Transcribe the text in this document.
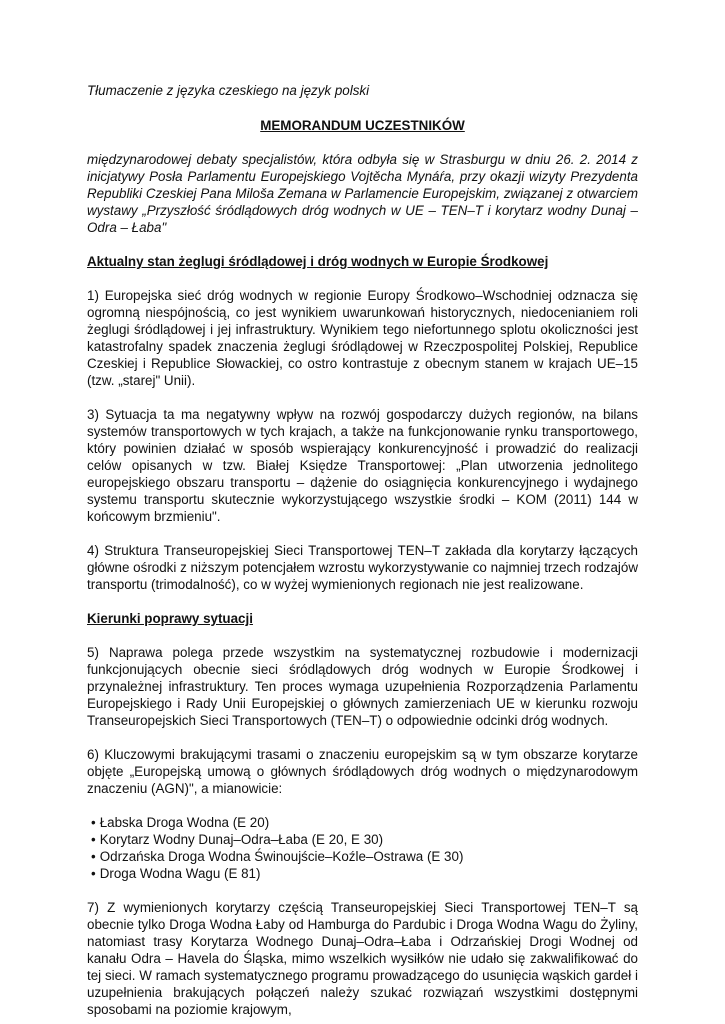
Tłumaczenie z języka czeskiego na język polski

MEMORANDUM UCZESTNIKÓW

międzynarodowej debaty specjalistów, która odbyła się w Strasburgu w dniu 26. 2. 2014 z inicjatywy Posła Parlamentu Europejskiego Vojtěcha Mynáŕa, przy okazji wizyty Prezydenta Republiki Czeskiej Pana Miloša Zemana w Parlamencie Europejskim, związanej z otwarciem wystawy „Przyszłość śródlądowych dróg wodnych w UE – TEN–T i korytarz wodny Dunaj – Odra – Łaba"

Aktualny stan żeglugi śródlądowej i dróg wodnych w Europie Środkowej

1) Europejska sieć dróg wodnych w regionie Europy Środkowo–Wschodniej odznacza się ogromną niespójnością, co jest wynikiem uwarunkowań historycznych, niedocenianiem roli żeglugi śródlądowej i jej infrastruktury. Wynikiem tego niefortunnego splotu okoliczności jest katastrofalny spadek znaczenia żeglugi śródlądowej w Rzeczpospolitej Polskiej, Republice Czeskiej i Republice Słowackiej, co ostro kontrastuje z obecnym stanem w krajach UE–15 (tzw. „starej" Unii).

3) Sytuacja ta ma negatywny wpływ na rozwój gospodarczy dużych regionów, na bilans systemów transportowych w tych krajach, a także na funkcjonowanie rynku transportowego, który powinien działać w sposób wspierający konkurencyjność i prowadzić do realizacji celów opisanych w tzw. Białej Księdze Transportowej: „Plan utworzenia jednolitego europejskiego obszaru transportu – dążenie do osiągnięcia konkurencyjnego i wydajnego systemu transportu skutecznie wykorzystującego wszystkie środki – KOM (2011) 144 w końcowym brzmieniu".

4) Struktura Transeuropejskiej Sieci Transportowej TEN–T zakłada dla korytarzy łączących główne ośrodki z niższym potencjałem wzrostu wykorzystywanie co najmniej trzech rodzajów transportu (trimodalność), co w wyżej wymienionych regionach nie jest realizowane.

Kierunki poprawy sytuacji

5) Naprawa polega przede wszystkim na systematycznej rozbudowie i modernizacji funkcjonujących obecnie sieci śródlądowych dróg wodnych w Europie Środkowej i przynależnej infrastruktury. Ten proces wymaga uzupełnienia Rozporządzenia Parlamentu Europejskiego i Rady Unii Europejskiej o głównych zamierzeniach UE w kierunku rozwoju Transeuropejskich Sieci Transportowych (TEN–T) o odpowiednie odcinki dróg wodnych.

6) Kluczowymi brakującymi trasami o znaczeniu europejskim są w tym obszarze korytarze objęte „Europejską umową o głównych śródlądowych dróg wodnych o międzynarodowym znaczeniu (AGN)", a mianowicie:

• Łabska Droga Wodna (E 20)
• Korytarz Wodny Dunaj–Odra–Łaba (E 20, E 30)
• Odrzańska Droga Wodna Świnoujście–Koźle–Ostrawa (E 30)
• Droga Wodna Wagu (E 81)

7) Z wymienionych korytarzy częścią Transeuropejskiej Sieci Transportowej TEN–T są obecnie tylko Droga Wodna Łaby od Hamburga do Pardubic i Droga Wodna Wagu do Żyliny, natomiast trasy Korytarza Wodnego Dunaj–Odra–Łaba i Odrzańskiej Drogi Wodnej od kanału Odra – Havela do Śląska, mimo wszelkich wysiłków nie udało się zakwalifikować do tej sieci. W ramach systematycznego programu prowadzącego do usunięcia wąskich gardeł i uzupełnienia brakujących połączeń należy szukać rozwiązań wszystkimi dostępnymi sposobami na poziomie krajowym,
